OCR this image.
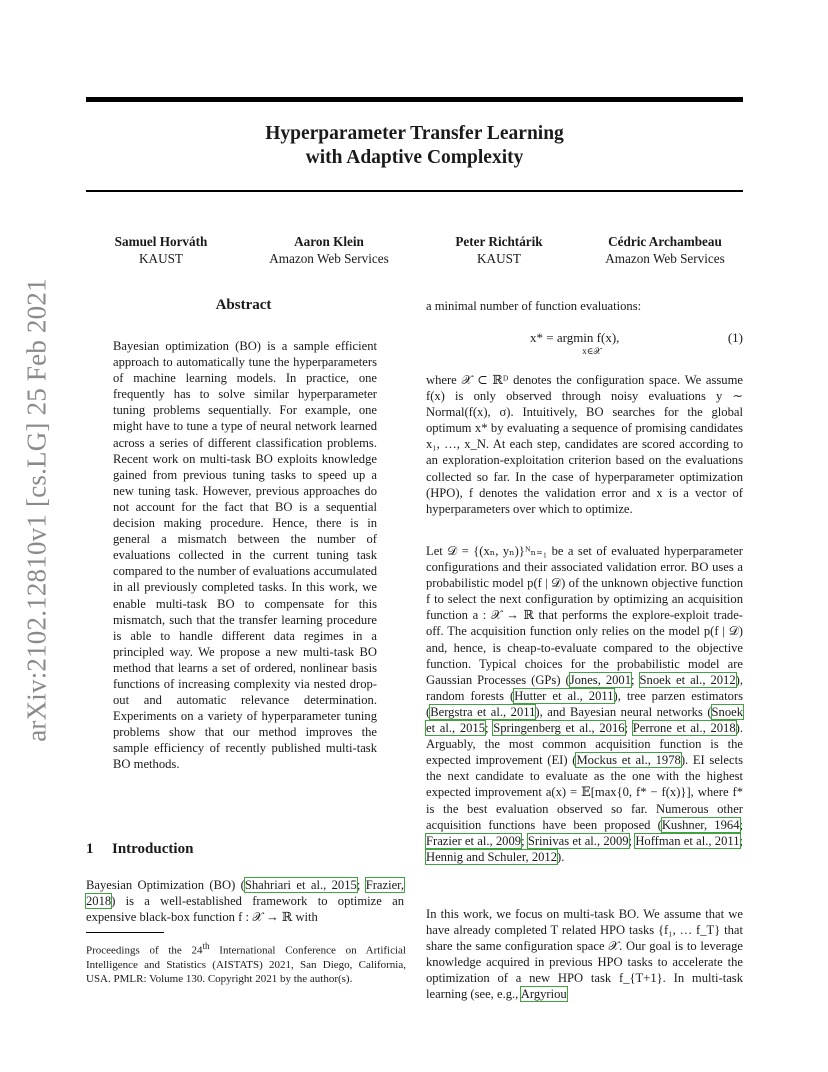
arXiv:2102.12810v1 [cs.LG] 25 Feb 2021
Hyperparameter Transfer Learning
with Adaptive Complexity
Samuel Horváth
KAUST
Aaron Klein
Amazon Web Services
Peter Richtárik
KAUST
Cédric Archambeau
Amazon Web Services
Abstract
Bayesian optimization (BO) is a sample efficient approach to automatically tune the hyperparameters of machine learning models. In practice, one frequently has to solve similar hyperparameter tuning problems sequentially. For example, one might have to tune a type of neural network learned across a series of different classification problems. Recent work on multi-task BO exploits knowledge gained from previous tuning tasks to speed up a new tuning task. However, previous approaches do not account for the fact that BO is a sequential decision making procedure. Hence, there is in general a mismatch between the number of evaluations collected in the current tuning task compared to the number of evaluations accumulated in all previously completed tasks. In this work, we enable multi-task BO to compensate for this mismatch, such that the transfer learning procedure is able to handle different data regimes in a principled way. We propose a new multi-task BO method that learns a set of ordered, nonlinear basis functions of increasing complexity via nested drop-out and automatic relevance determination. Experiments on a variety of hyperparameter tuning problems show that our method improves the sample efficiency of recently published multi-task BO methods.
1 Introduction
Bayesian Optimization (BO) (Shahriari et al., 2015; Frazier, 2018) is a well-established framework to optimize an expensive black-box function f : 𝒳 → ℝ with
Proceedings of the 24th International Conference on Artificial Intelligence and Statistics (AISTATS) 2021, San Diego, California, USA. PMLR: Volume 130. Copyright 2021 by the author(s).
a minimal number of function evaluations:
x* = argmin f(x),
x∈𝒳
(1)
where 𝒳 ⊂ ℝᴰ denotes the configuration space. We assume f(x) is only observed through noisy evaluations y ∼ Normal(f(x), σ). Intuitively, BO searches for the global optimum x* by evaluating a sequence of promising candidates x₁, …, x_N. At each step, candidates are scored according to an exploration-exploitation criterion based on the evaluations collected so far. In the case of hyperparameter optimization (HPO), f denotes the validation error and x is a vector of hyperparameters over which to optimize.
Let 𝒟 = {(xₙ, yₙ)}ᴺₙ₌₁ be a set of evaluated hyperparameter configurations and their associated validation error. BO uses a probabilistic model p(f | 𝒟) of the unknown objective function f to select the next configuration by optimizing an acquisition function a : 𝒳 → ℝ that performs the explore-exploit trade-off. The acquisition function only relies on the model p(f | 𝒟) and, hence, is cheap-to-evaluate compared to the objective function. Typical choices for the probabilistic model are Gaussian Processes (GPs) (Jones, 2001; Snoek et al., 2012), random forests (Hutter et al., 2011), tree parzen estimators (Bergstra et al., 2011), and Bayesian neural networks (Snoek et al., 2015; Springenberg et al., 2016; Perrone et al., 2018). Arguably, the most common acquisition function is the expected improvement (EI) (Mockus et al., 1978). EI selects the next candidate to evaluate as the one with the highest expected improvement a(x) = 𝔼[max{0, f* − f(x)}], where f* is the best evaluation observed so far. Numerous other acquisition functions have been proposed (Kushner, 1964; Frazier et al., 2009; Srinivas et al., 2009; Hoffman et al., 2011; Hennig and Schuler, 2012).
In this work, we focus on multi-task BO. We assume that we have already completed T related HPO tasks {f₁, … f_T} that share the same configuration space 𝒳. Our goal is to leverage knowledge acquired in previous HPO tasks to accelerate the optimization of a new HPO task f_{T+1}. In multi-task learning (see, e.g., Argyriou
